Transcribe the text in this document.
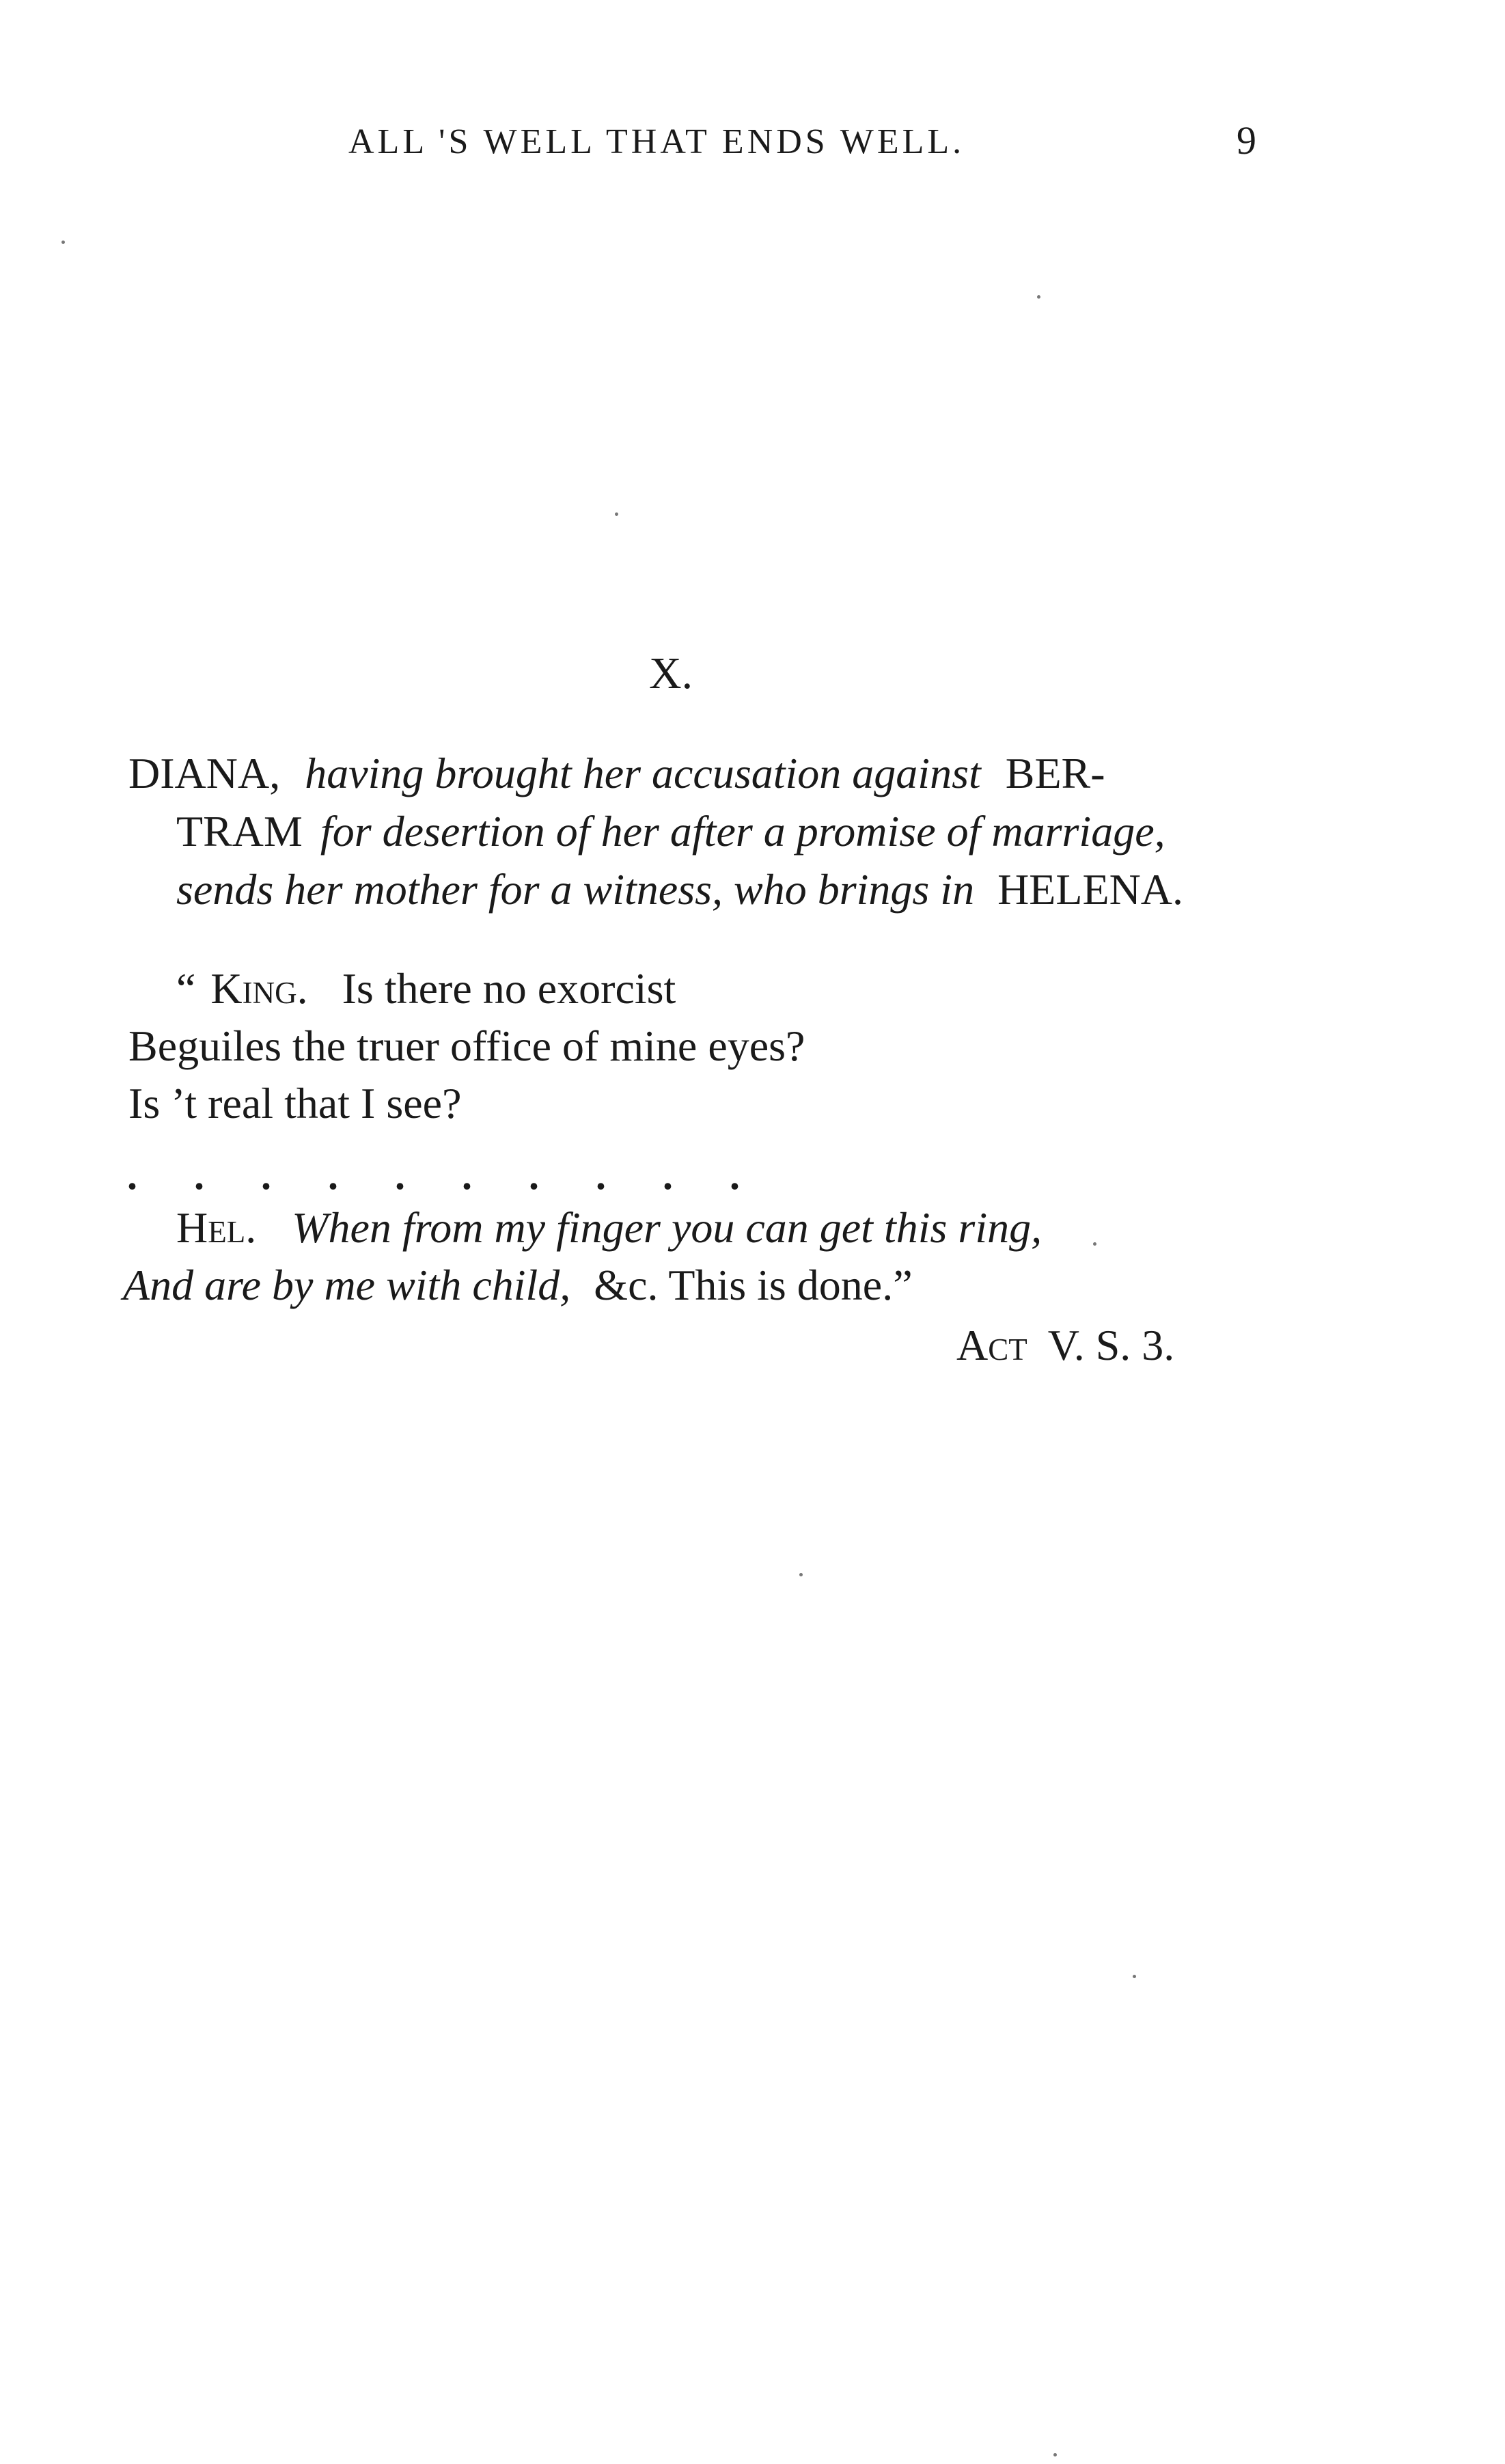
ALL 'S WELL THAT ENDS WELL.	9
X.
DIANA, having brought her accusation against BER-
TRAM for desertion of her after a promise of marriage,
sends her mother for a witness, who brings in HELENA.
“ King. Is there no exorcist
Beguiles the truer office of mine eyes?
Is ’t real that I see?
. . . . . . . . . .
Hel. When from my finger you can get this ring,
And are by me with child, &c. This is done.”
Act V. S. 3.
